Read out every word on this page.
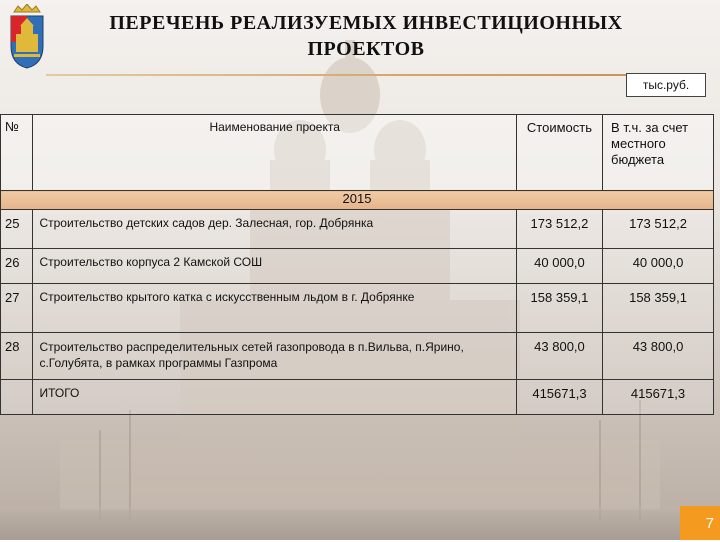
ПЕРЕЧЕНЬ РЕАЛИЗУЕМЫХ ИНВЕСТИЦИОННЫХ
ПРОЕКТОВ
тыс.руб.
№	Наименование проекта	Стоимость	В т.ч. за счет местного бюджета
2015			
25	Строительство детских садов дер. Залесная, гор. Добрянка	173 512,2	173 512,2
26	Строительство корпуса 2 Камской СОШ	40 000,0	40 000,0
27	Строительство крытого катка с искусственным льдом в г. Добрянке	158 359,1	158 359,1
28	Строительство распределительных сетей газопровода в п.Вильва, п.Ярино, с.Голубята, в рамках программы Газпрома	43 800,0	43 800,0
	ИТОГО	415671,3	415671,3
7
